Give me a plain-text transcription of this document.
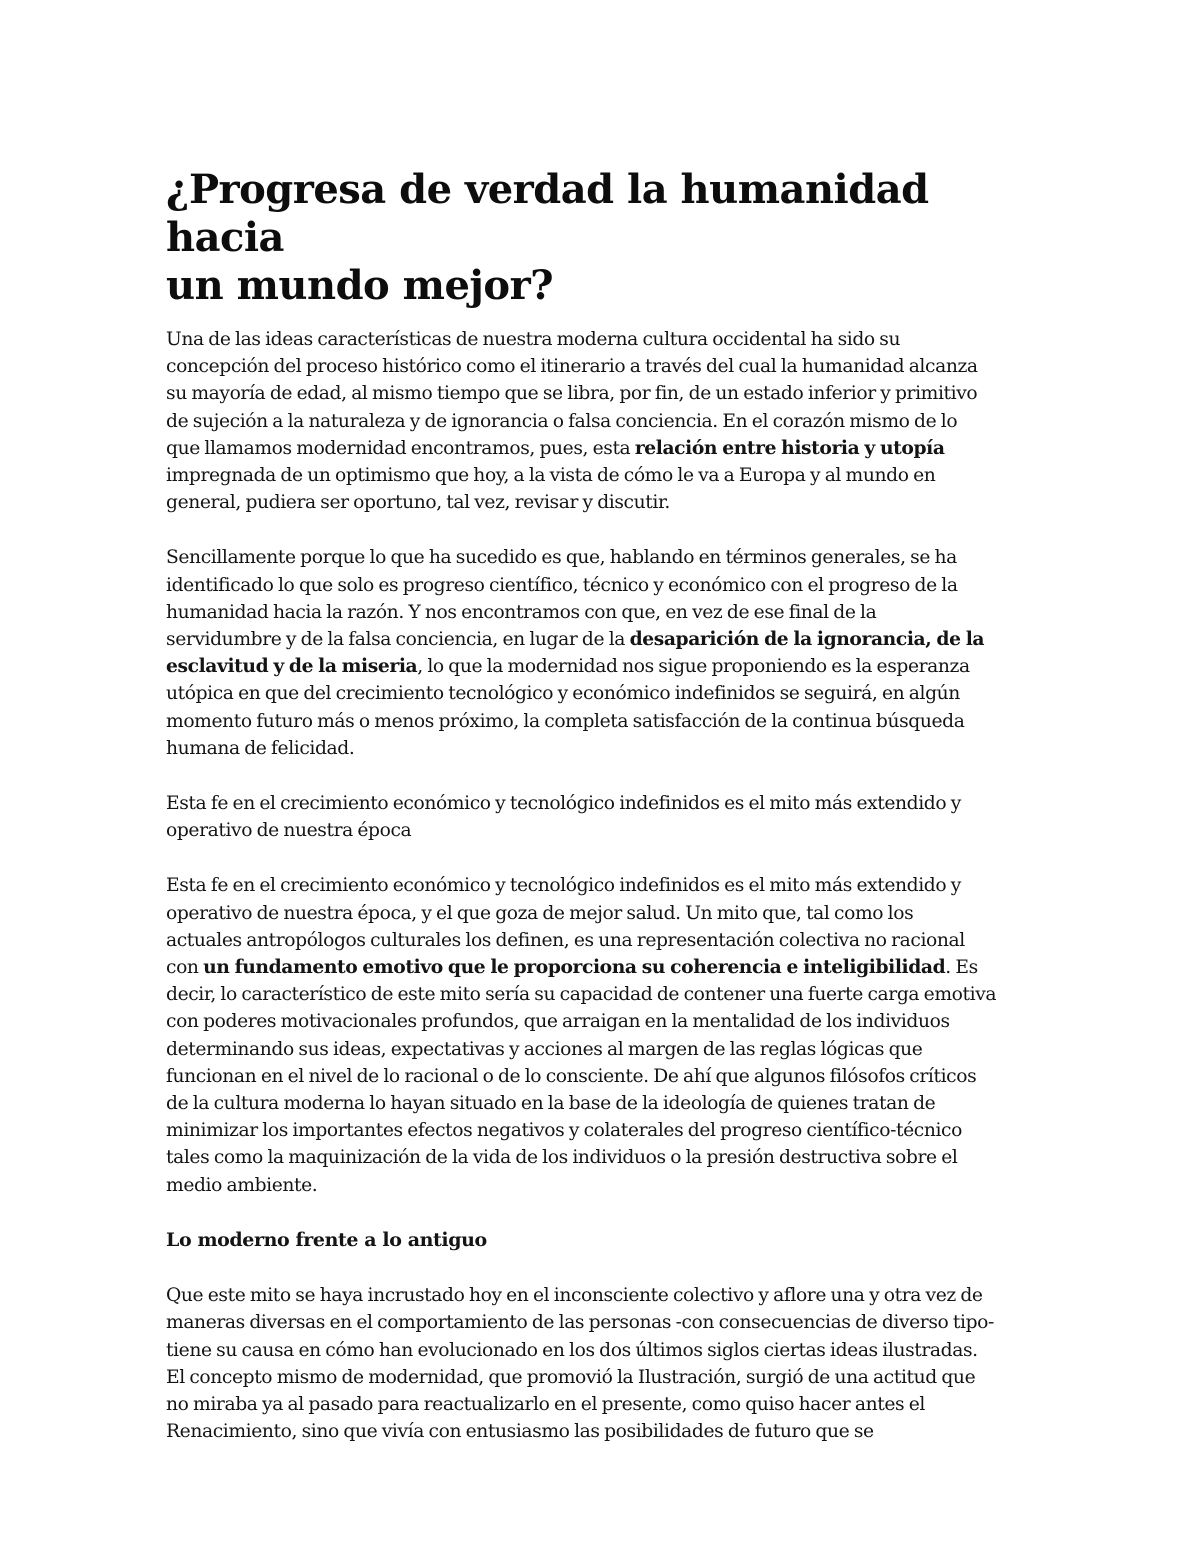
¿Progresa de verdad la humanidad hacia
un mundo mejor?

Una de las ideas características de nuestra moderna cultura occidental ha sido su
concepción del proceso histórico como el itinerario a través del cual la humanidad alcanza
su mayoría de edad, al mismo tiempo que se libra, por fin, de un estado inferior y primitivo
de sujeción a la naturaleza y de ignorancia o falsa conciencia. En el corazón mismo de lo
que llamamos modernidad encontramos, pues, esta relación entre historia y utopía
impregnada de un optimismo que hoy, a la vista de cómo le va a Europa y al mundo en
general, pudiera ser oportuno, tal vez, revisar y discutir.

Sencillamente porque lo que ha sucedido es que, hablando en términos generales, se ha
identificado lo que solo es progreso científico, técnico y económico con el progreso de la
humanidad hacia la razón. Y nos encontramos con que, en vez de ese final de la
servidumbre y de la falsa conciencia, en lugar de la desaparición de la ignorancia, de la
esclavitud y de la miseria, lo que la modernidad nos sigue proponiendo es la esperanza
utópica en que del crecimiento tecnológico y económico indefinidos se seguirá, en algún
momento futuro más o menos próximo, la completa satisfacción de la continua búsqueda
humana de felicidad.

Esta fe en el crecimiento económico y tecnológico indefinidos es el mito más extendido y
operativo de nuestra época

Esta fe en el crecimiento económico y tecnológico indefinidos es el mito más extendido y
operativo de nuestra época, y el que goza de mejor salud. Un mito que, tal como los
actuales antropólogos culturales los definen, es una representación colectiva no racional
con un fundamento emotivo que le proporciona su coherencia e inteligibilidad. Es
decir, lo característico de este mito sería su capacidad de contener una fuerte carga emotiva
con poderes motivacionales profundos, que arraigan en la mentalidad de los individuos
determinando sus ideas, expectativas y acciones al margen de las reglas lógicas que
funcionan en el nivel de lo racional o de lo consciente. De ahí que algunos filósofos críticos
de la cultura moderna lo hayan situado en la base de la ideología de quienes tratan de
minimizar los importantes efectos negativos y colaterales del progreso científico-técnico
tales como la maquinización de la vida de los individuos o la presión destructiva sobre el
medio ambiente.

Lo moderno frente a lo antiguo

Que este mito se haya incrustado hoy en el inconsciente colectivo y aflore una y otra vez de
maneras diversas en el comportamiento de las personas -con consecuencias de diverso tipo-
tiene su causa en cómo han evolucionado en los dos últimos siglos ciertas ideas ilustradas.
El concepto mismo de modernidad, que promovió la Ilustración, surgió de una actitud que
no miraba ya al pasado para reactualizarlo en el presente, como quiso hacer antes el
Renacimiento, sino que vivía con entusiasmo las posibilidades de futuro que se
